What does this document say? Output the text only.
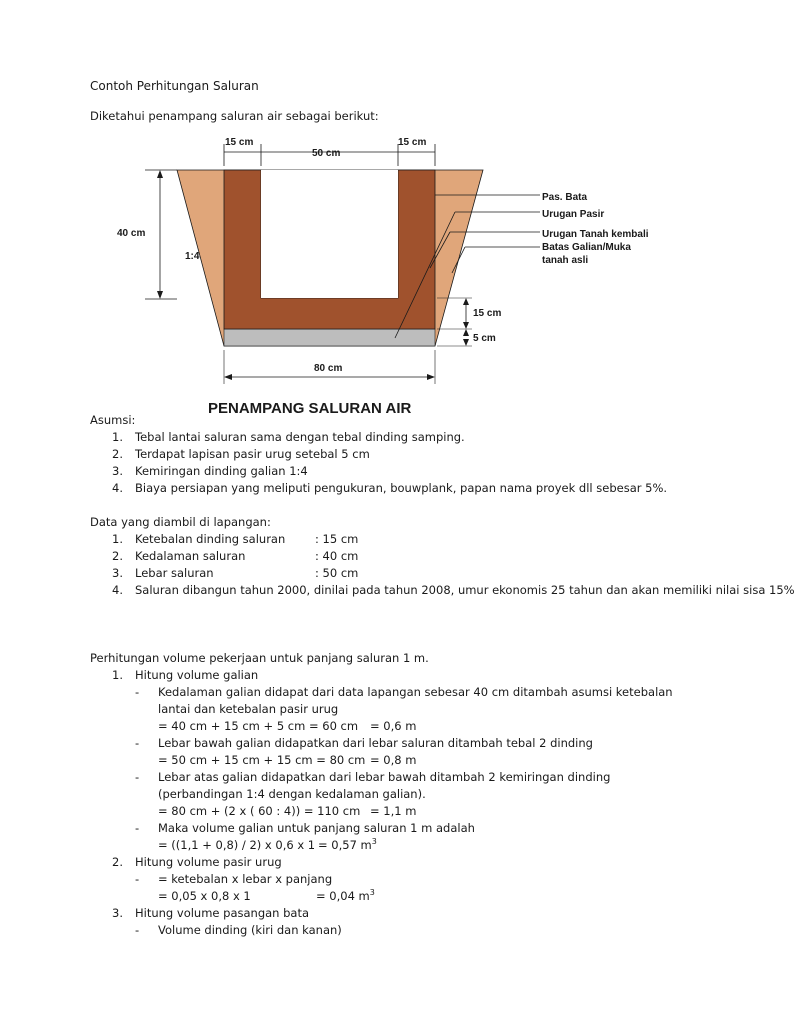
Contoh Perhitungan Saluran
Diketahui penampang saluran air sebagai berikut:
15 cm
50 cm
15 cm
40 cm
1:4
15 cm
5 cm
80 cm
Pas. Bata
Urugan Pasir
Urugan Tanah kembali
Batas Galian/Muka
tanah asli
PENAMPANG SALURAN AIR
Asumsi:
1. Tebal lantai saluran sama dengan tebal dinding samping.
2. Terdapat lapisan pasir urug setebal 5 cm
3. Kemiringan dinding galian 1:4
4. Biaya persiapan yang meliputi pengukuran, bouwplank, papan nama proyek dll sebesar 5%.
Data yang diambil di lapangan:
1. Ketebalan dinding saluran	: 15 cm
2. Kedalaman saluran	: 40 cm
3. Lebar saluran	: 50 cm
4. Saluran dibangun tahun 2000, dinilai pada tahun 2008, umur ekonomis 25 tahun dan akan memiliki nilai sisa 15%
Perhitungan volume pekerjaan untuk panjang saluran 1 m.
1. Hitung volume galian
- Kedalaman galian didapat dari data lapangan sebesar 40 cm ditambah asumsi ketebalan
lantai dan ketebalan pasir urug
= 40 cm + 15 cm + 5 cm = 60 cm = 0,6 m
- Lebar bawah galian didapatkan dari lebar saluran ditambah tebal 2 dinding
= 50 cm + 15 cm + 15 cm = 80 cm = 0,8 m
- Lebar atas galian didapatkan dari lebar bawah ditambah 2 kemiringan dinding
(perbandingan 1:4 dengan kedalaman galian).
= 80 cm + (2 x ( 60 : 4)) = 110 cm = 1,1 m
- Maka volume galian untuk panjang saluran 1 m adalah
= ((1,1 + 0,8) / 2) x 0,6 x 1 = 0,57 $m^3$
2. Hitung volume pasir urug
- = ketebalan x lebar x panjang
= 0,05 x 0,8 x 1	= 0,04 $m^3$
3. Hitung volume pasangan bata
- Volume dinding (kiri dan kanan)
